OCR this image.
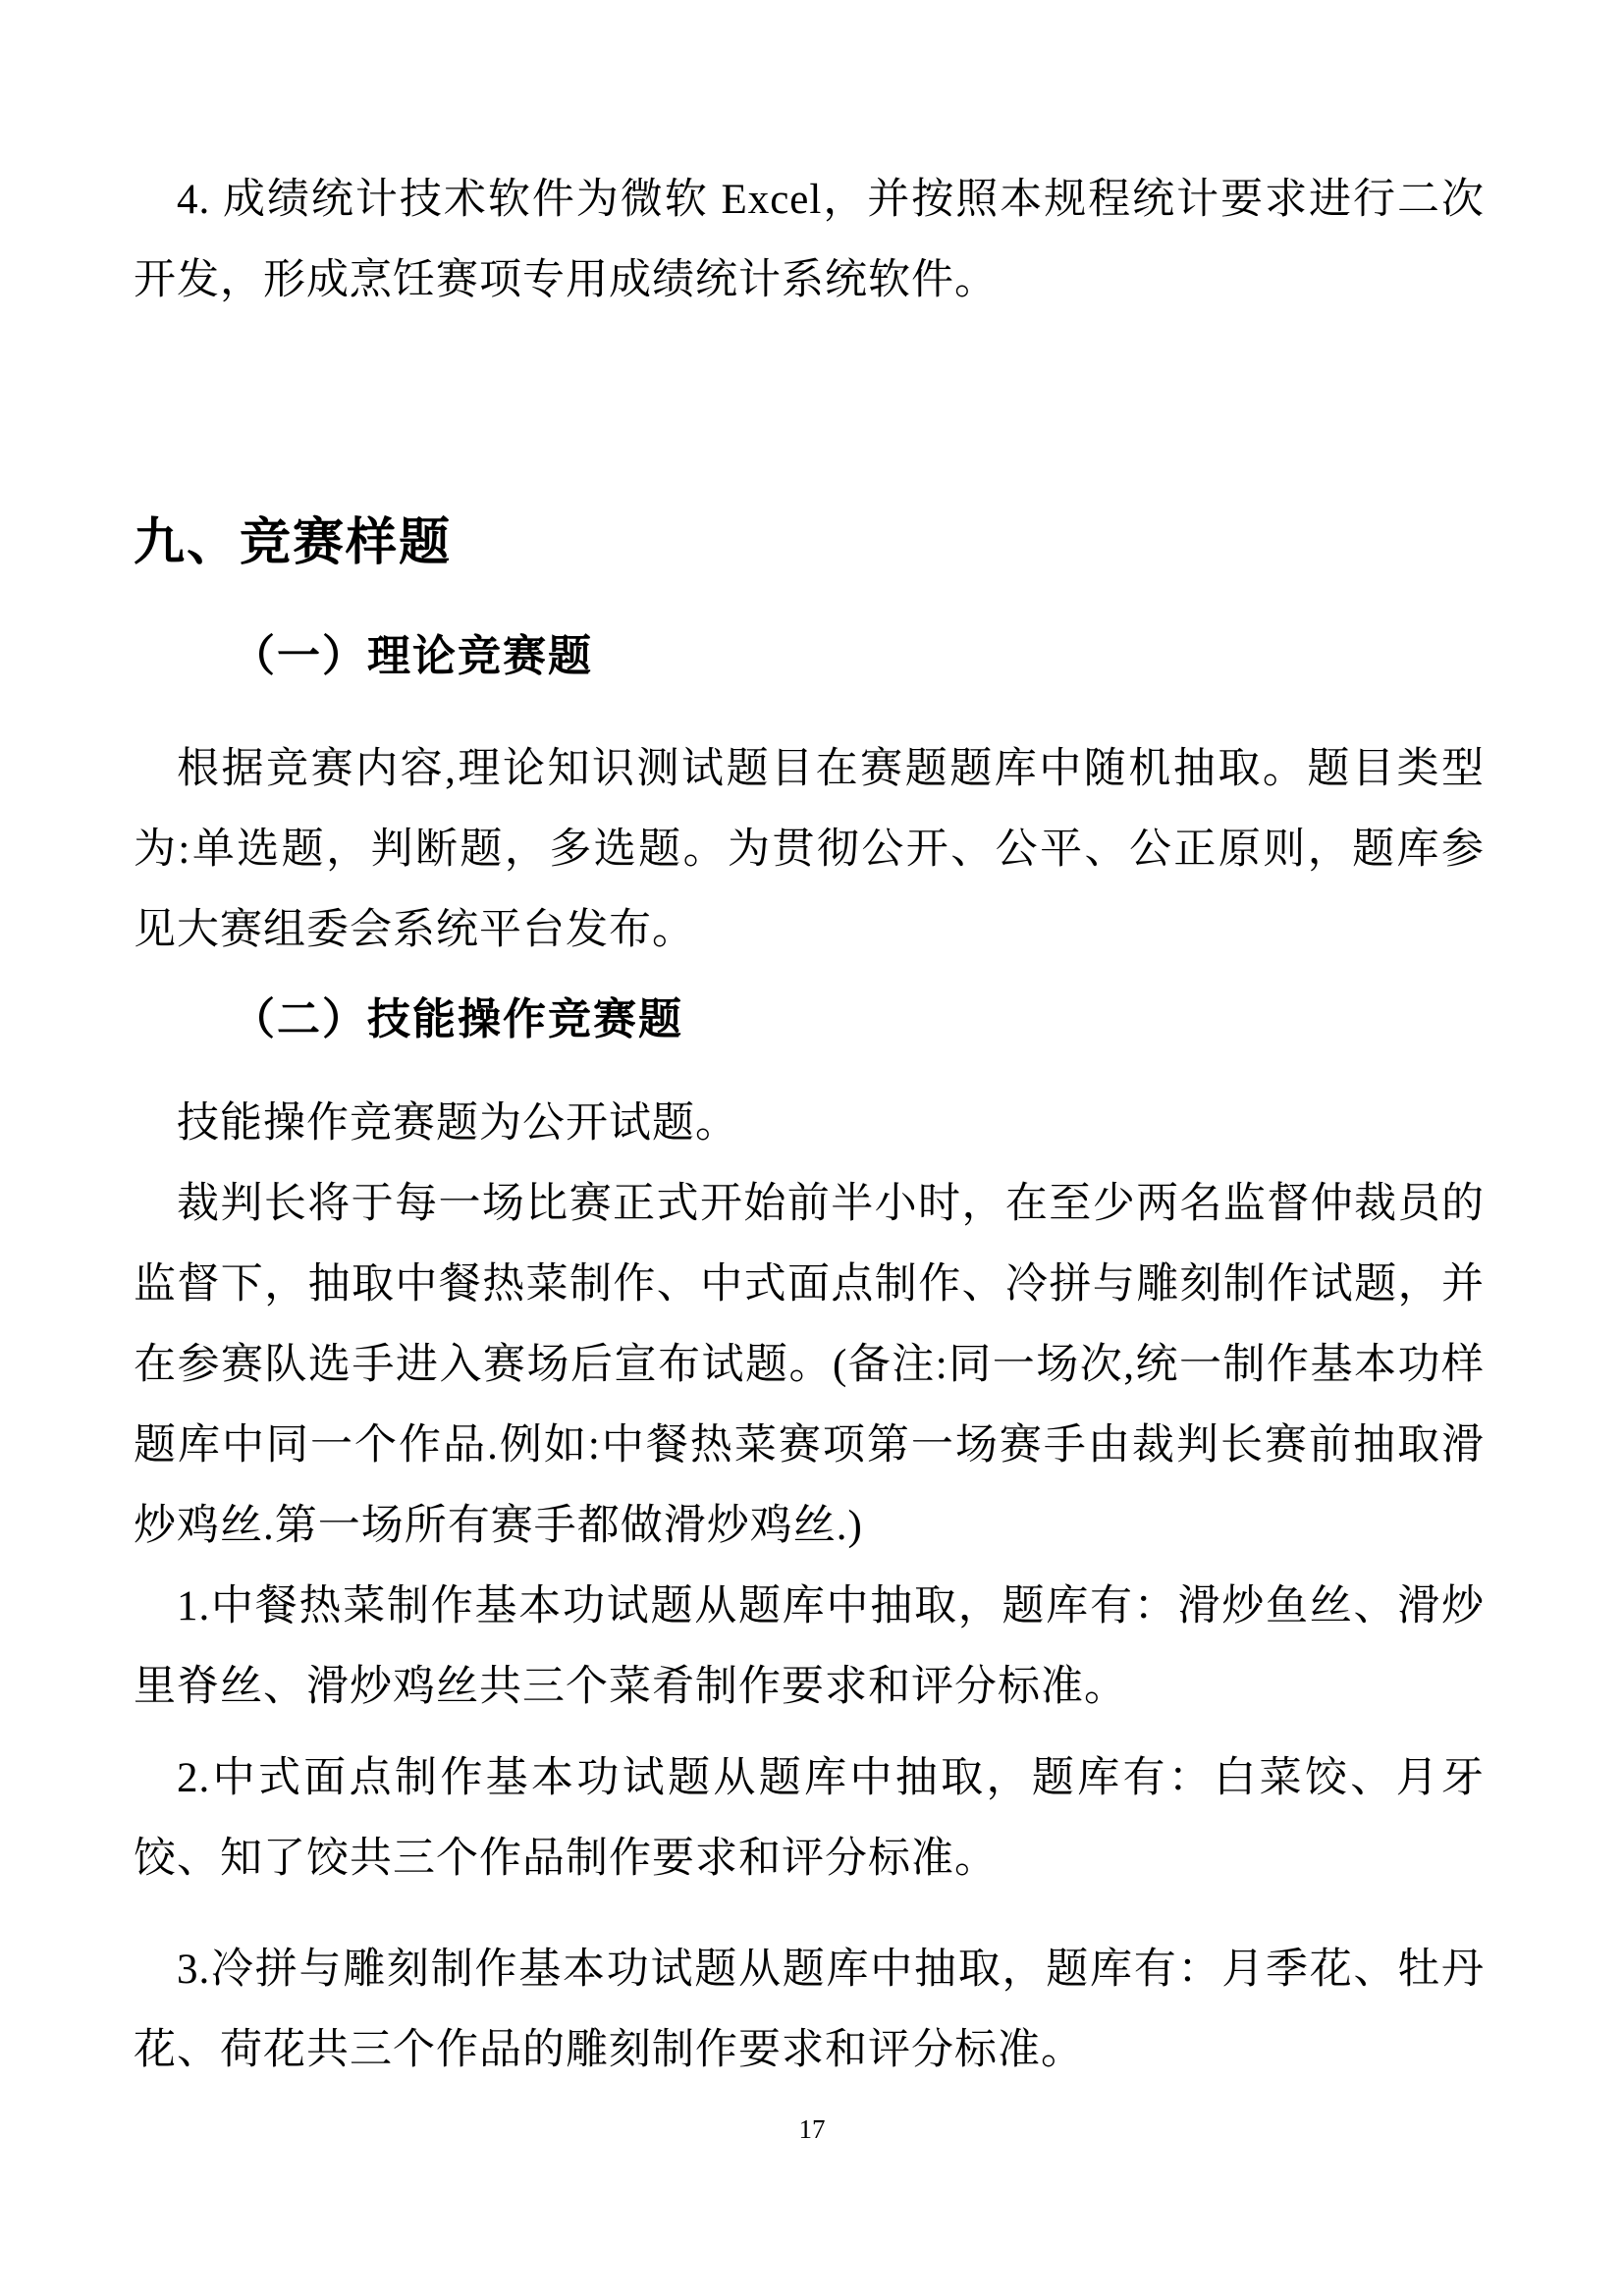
4. 成绩统计技术软件为微软 Excel，并按照本规程统计要求进行二次开发，形成烹饪赛项专用成绩统计系统软件。

九、竞赛样题

（一）理论竞赛题

根据竞赛内容,理论知识测试题目在赛题题库中随机抽取。题目类型为:单选题，判断题，多选题。为贯彻公开、公平、公正原则，题库参见大赛组委会系统平台发布。

（二）技能操作竞赛题

技能操作竞赛题为公开试题。

裁判长将于每一场比赛正式开始前半小时，在至少两名监督仲裁员的监督下，抽取中餐热菜制作、中式面点制作、冷拼与雕刻制作试题，并在参赛队选手进入赛场后宣布试题。(备注:同一场次,统一制作基本功样题库中同一个作品.例如:中餐热菜赛项第一场赛手由裁判长赛前抽取滑炒鸡丝.第一场所有赛手都做滑炒鸡丝.)

1.中餐热菜制作基本功试题从题库中抽取，题库有：滑炒鱼丝、滑炒里脊丝、滑炒鸡丝共三个菜肴制作要求和评分标准。

2.中式面点制作基本功试题从题库中抽取，题库有：白菜饺、月牙饺、知了饺共三个作品制作要求和评分标准。

3.冷拼与雕刻制作基本功试题从题库中抽取，题库有：月季花、牡丹花、荷花共三个作品的雕刻制作要求和评分标准。

17
